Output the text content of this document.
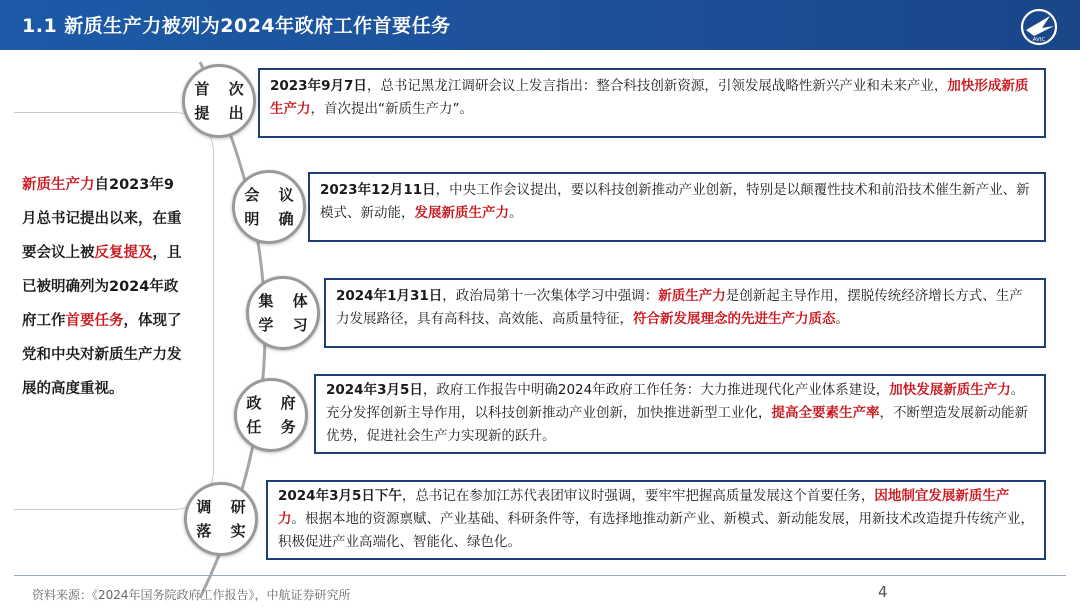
1.1 新质生产力被列为2024年政府工作首要任务
AVIC
新质生产力自2023年9月总书记提出以来，在重要会议上被反复提及，且已被明确列为2024年政府工作首要任务，体现了党和中央对新质生产力发展的高度重视。
2023年9月7日，总书记黑龙江调研会议上发言指出：整合科技创新资源，引领发展战略性新兴产业和未来产业，加快形成新质生产力，首次提出“新质生产力”。
首 次
提 出
2023年12月11日，中央工作会议提出，要以科技创新推动产业创新，特别是以颠覆性技术和前沿技术催生新产业、新模式、新动能，发展新质生产力。
会 议
明 确
2024年1月31日，政治局第十一次集体学习中强调：新质生产力是创新起主导作用，摆脱传统经济增长方式、生产力发展路径，具有高科技、高效能、高质量特征，符合新发展理念的先进生产力质态。
集 体
学 习
2024年3月5日，政府工作报告中明确2024年政府工作任务：大力推进现代化产业体系建设，加快发展新质生产力。充分发挥创新主导作用，以科技创新推动产业创新，加快推进新型工业化，提高全要素生产率，不断塑造发展新动能新优势，促进社会生产力实现新的跃升。
政 府
任 务
2024年3月5日下午，总书记在参加江苏代表团审议时强调，要牢牢把握高质量发展这个首要任务，因地制宜发展新质生产力。根据本地的资源禀赋、产业基础、科研条件等，有选择地推动新产业、新模式、新动能发展，用新技术改造提升传统产业，积极促进产业高端化、智能化、绿色化。
调 研
落 实
资料来源：《2024年国务院政府工作报告》，中航证券研究所	4
